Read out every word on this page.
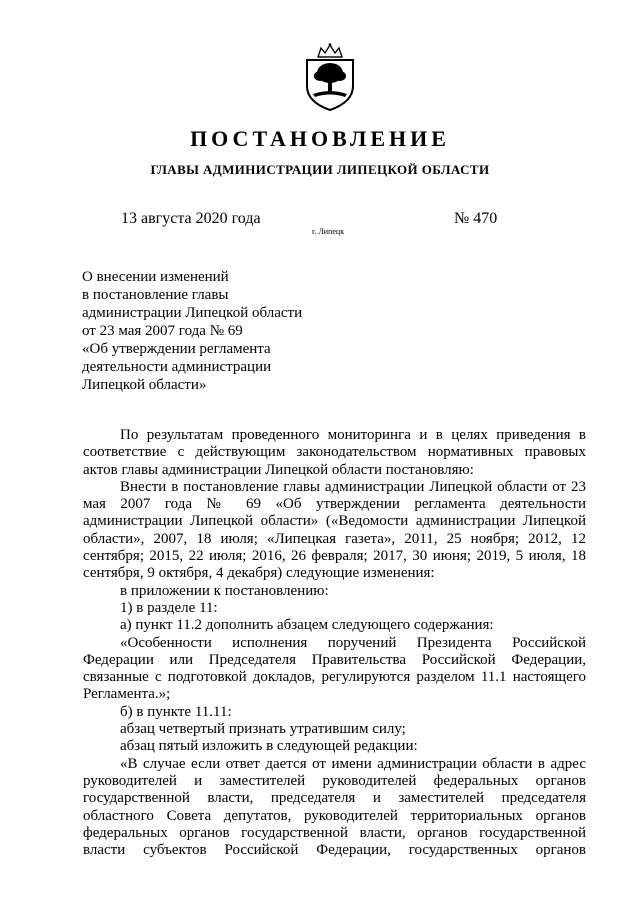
ПОСТАНОВЛЕНИЕ
ГЛАВЫ АДМИНИСТРАЦИИ ЛИПЕЦКОЙ ОБЛАСТИ
13 августа 2020 года	№ 470
г. Липецк
О внесении изменений
в постановление главы
администрации Липецкой области
от 23 мая 2007 года № 69
«Об утверждении регламента
деятельности администрации
Липецкой области»
По результатам проведенного мониторинга и в целях приведения в соответствие с действующим законодательством нормативных правовых актов главы администрации Липецкой области постановляю:
Внести в постановление главы администрации Липецкой области от 23 мая 2007 года № 69 «Об утверждении регламента деятельности администрации Липецкой области» («Ведомости администрации Липецкой области», 2007, 18 июля; «Липецкая газета», 2011, 25 ноября; 2012, 12 сентября; 2015, 22 июля; 2016, 26 февраля; 2017, 30 июня; 2019, 5 июля, 18 сентября, 9 октября, 4 декабря) следующие изменения:
в приложении к постановлению:
1) в разделе 11:
а) пункт 11.2 дополнить абзацем следующего содержания:
«Особенности исполнения поручений Президента Российской Федерации или Председателя Правительства Российской Федерации, связанные с подготовкой докладов, регулируются разделом 11.1 настоящего Регламента.»;
б) в пункте 11.11:
абзац четвертый признать утратившим силу;
абзац пятый изложить в следующей редакции:
«В случае если ответ дается от имени администрации области в адрес руководителей и заместителей руководителей федеральных органов государственной власти, председателя и заместителей председателя областного Совета депутатов, руководителей территориальных органов федеральных органов государственной власти, органов государственной власти субъектов Российской Федерации, государственных органов
